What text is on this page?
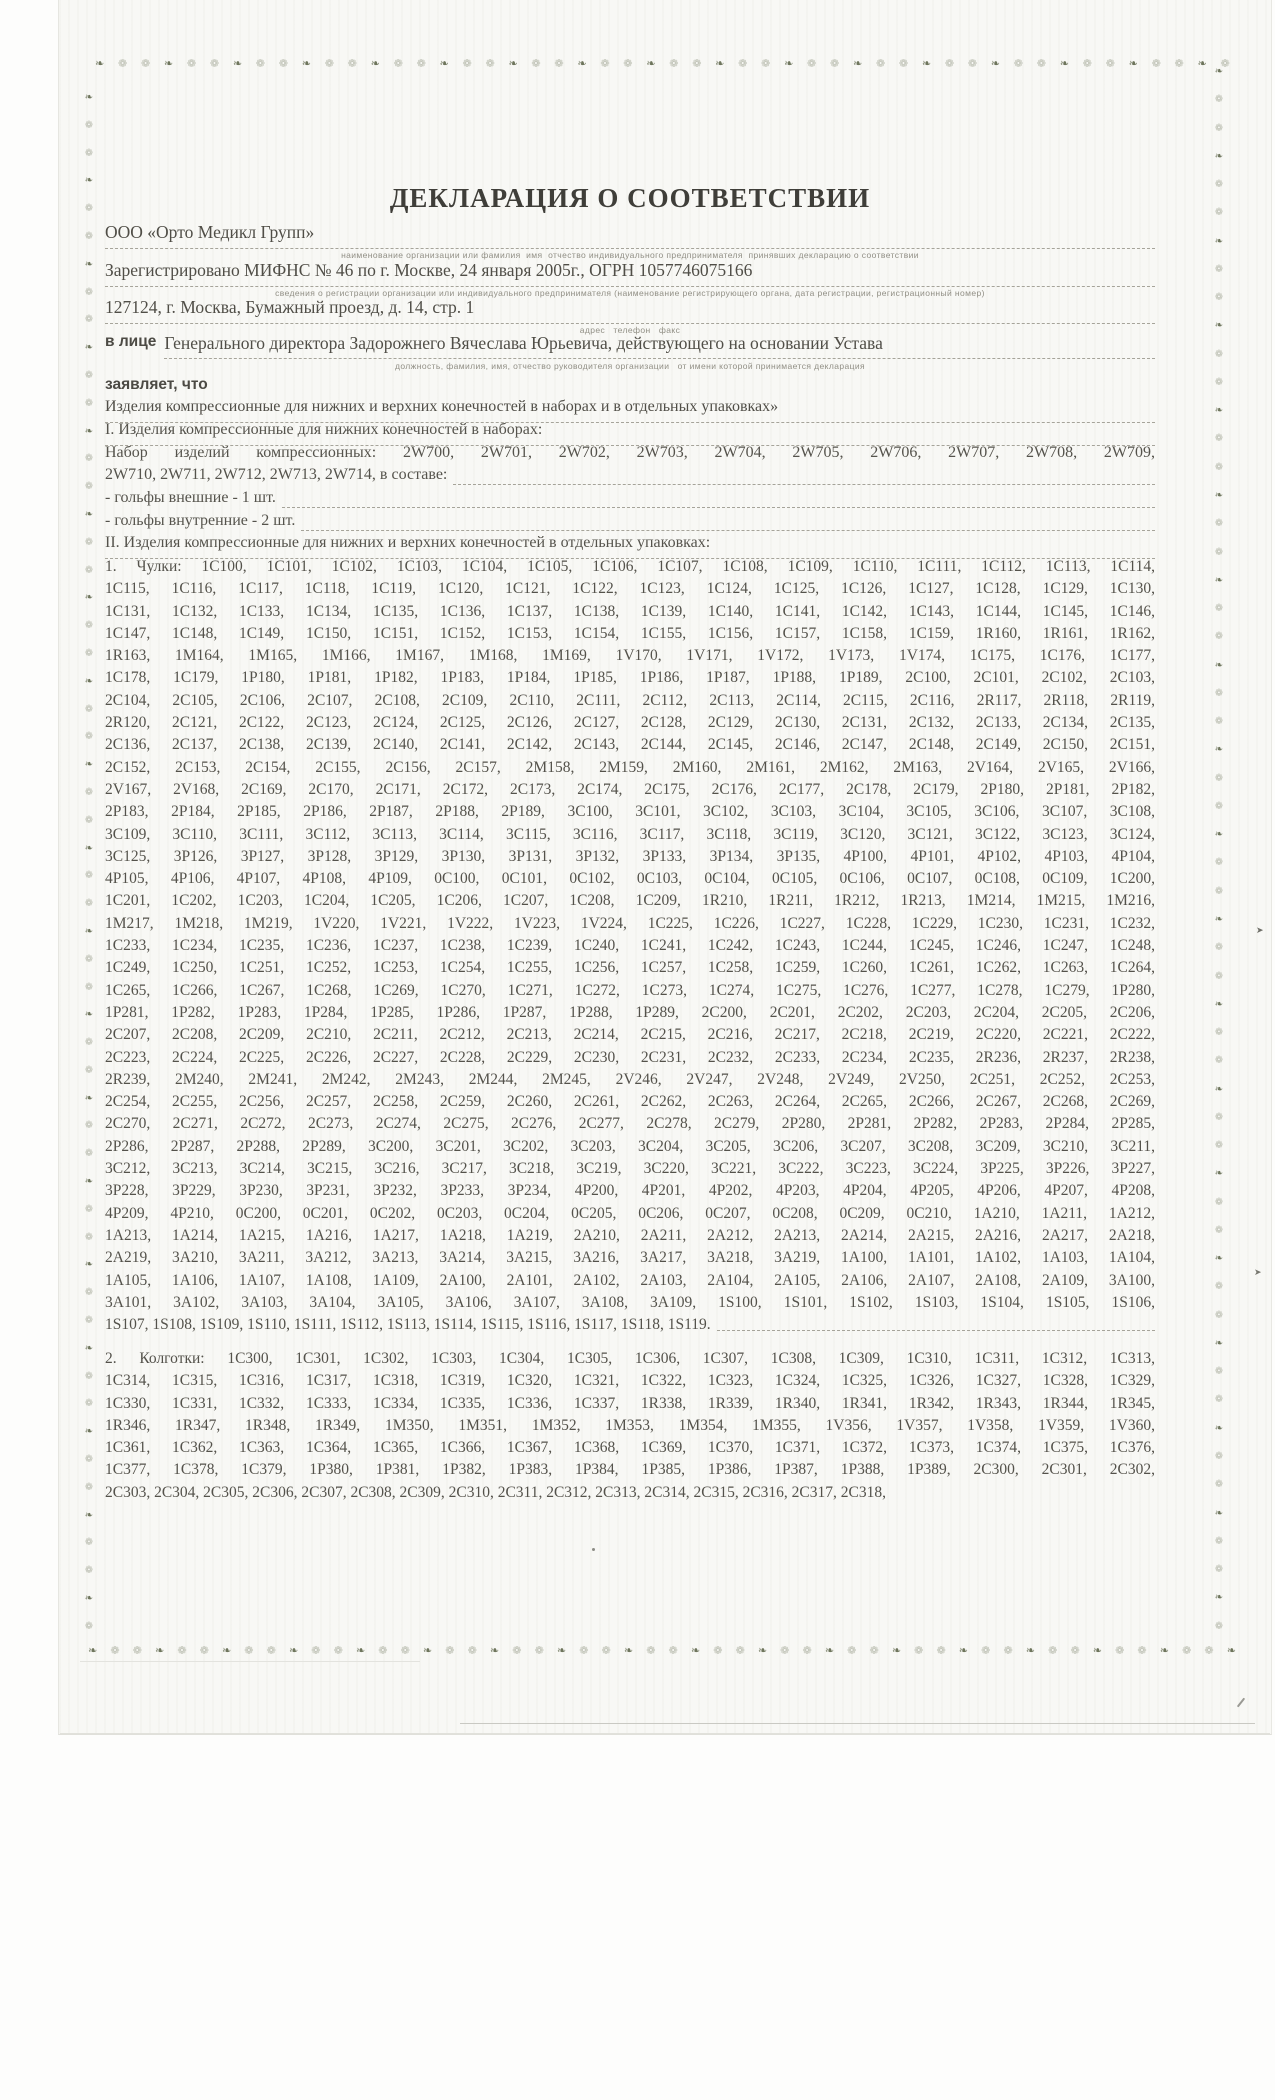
❧ ❁ ❁ ❧ ❁ ❁ ❧ ❁ ❁ ❧ ❁ ❁ ❧ ❁ ❁ ❧ ❁ ❁ ❧ ❁ ❁ ❧ ❁ ❁ ❧ ❁ ❁ ❧ ❁ ❁ ❧ ❁ ❁ ❧ ❁ ❁ ❧ ❁ ❁ ❧ ❁ ❁ ❧ ❁ ❁ ❧ ❁ ❁ ❧ ❁
❧ ❁ ❁ ❧ ❁ ❁ ❧ ❁ ❁ ❧ ❁ ❁ ❧ ❁ ❁ ❧ ❁ ❁ ❧ ❁ ❁ ❧ ❁ ❁ ❧ ❁ ❁ ❧ ❁ ❁ ❧ ❁ ❁ ❧ ❁ ❁ ❧ ❁ ❁ ❧ ❁ ❁ ❧ ❁ ❁ ❧ ❁ ❁ ❧ ❁ ❁ ❧
❧
❁
❁
❧
❁
❁
❧
❁
❁
❧
❁
❁
❧
❁
❁
❧
❁
❁
❧
❁
❁
❧
❁
❁
❧
❁
❁
❧
❁
❁
❧
❁
❁
❧
❁
❁
❧
❁
❁
❧
❁
❁
❧
❁
❁
❧
❁
❁
❧
❁
❁
❧
❁
❁
❧
❁
❧
❁
❁
❧
❁
❁
❧
❁
❁
❧
❁
❁
❧
❁
❁
❧
❁
❁
❧
❁
❁
❧
❁
❁
❧
❁
❁
❧
❁
❁
❧
❁
❁
❧
❁
❁
❧
❁
❁
❧
❁
❁
❧
❁
❁
❧
❁
❁
❧
❁
❁
❧
❁
❁
❧
❁
ДЕКЛАРАЦИЯ О СООТВЕТСТВИИ
ООО «Орто Медикл Групп»
наименование организации или фамилия  имя  отчество индивидуального предпринимателя  принявших декларацию о соответствии
Зарегистрировано МИФНС № 46 по г. Москве, 24 января 2005г., ОГРН 1057746075166
сведения о регистрации организации или индивидуального предпринимателя (наименование регистрирующего органа, дата регистрации, регистрационный номер)
127124, г. Москва, Бумажный проезд, д. 14, стр. 1
адрес   телефон   факс
в лице Генерального директора Задорожнего Вячеслава Юрьевича, действующего на основании Устава
должность, фамилия, имя, отчество руководителя организации   от имени которой принимается декларация
заявляет, что
Изделия компрессионные для нижних и верхних конечностей в наборах и в отдельных упаковках»
I. Изделия компрессионные для нижних конечностей в наборах:
Набор изделий компрессионных: 2W700, 2W701, 2W702, 2W703, 2W704, 2W705, 2W706, 2W707, 2W708, 2W709,
2W710, 2W711, 2W712, 2W713, 2W714, в составе:
- гольфы внешние - 1 шт.
- гольфы внутренние - 2 шт.
II. Изделия компрессионные для нижних и верхних конечностей в отдельных упаковках:
1. Чулки: 1C100, 1C101, 1C102, 1C103, 1C104, 1C105, 1C106, 1C107, 1C108, 1C109, 1C110, 1C111, 1C112, 1C113, 1C114,
1C115, 1C116, 1C117, 1C118, 1C119, 1C120, 1C121, 1C122, 1C123, 1C124, 1C125, 1C126, 1C127, 1C128, 1C129, 1C130,
1C131, 1C132, 1C133, 1C134, 1C135, 1C136, 1C137, 1C138, 1C139, 1C140, 1C141, 1C142, 1C143, 1C144, 1C145, 1C146,
1C147, 1C148, 1C149, 1C150, 1C151, 1C152, 1C153, 1C154, 1C155, 1C156, 1C157, 1C158, 1C159, 1R160, 1R161, 1R162,
1R163, 1M164, 1M165, 1M166, 1M167, 1M168, 1M169, 1V170, 1V171, 1V172, 1V173, 1V174, 1C175, 1C176, 1C177,
1C178, 1C179, 1P180, 1P181, 1P182, 1P183, 1P184, 1P185, 1P186, 1P187, 1P188, 1P189, 2C100, 2C101, 2C102, 2C103,
2C104, 2C105, 2C106, 2C107, 2C108, 2C109, 2C110, 2C111, 2C112, 2C113, 2C114, 2C115, 2C116, 2R117, 2R118, 2R119,
2R120, 2C121, 2C122, 2C123, 2C124, 2C125, 2C126, 2C127, 2C128, 2C129, 2C130, 2C131, 2C132, 2C133, 2C134, 2C135,
2C136, 2C137, 2C138, 2C139, 2C140, 2C141, 2C142, 2C143, 2C144, 2C145, 2C146, 2C147, 2C148, 2C149, 2C150, 2C151,
2C152, 2C153, 2C154, 2C155, 2C156, 2C157, 2M158, 2M159, 2M160, 2M161, 2M162, 2M163, 2V164, 2V165, 2V166,
2V167, 2V168, 2C169, 2C170, 2C171, 2C172, 2C173, 2C174, 2C175, 2C176, 2C177, 2C178, 2C179, 2P180, 2P181, 2P182,
2P183, 2P184, 2P185, 2P186, 2P187, 2P188, 2P189, 3C100, 3C101, 3C102, 3C103, 3C104, 3C105, 3C106, 3C107, 3C108,
3C109, 3C110, 3C111, 3C112, 3C113, 3C114, 3C115, 3C116, 3C117, 3C118, 3C119, 3C120, 3C121, 3C122, 3C123, 3C124,
3C125, 3P126, 3P127, 3P128, 3P129, 3P130, 3P131, 3P132, 3P133, 3P134, 3P135, 4P100, 4P101, 4P102, 4P103, 4P104,
4P105, 4P106, 4P107, 4P108, 4P109, 0C100, 0C101, 0C102, 0C103, 0C104, 0C105, 0C106, 0C107, 0C108, 0C109, 1C200,
1C201, 1C202, 1C203, 1C204, 1C205, 1C206, 1C207, 1C208, 1C209, 1R210, 1R211, 1R212, 1R213, 1M214, 1M215, 1M216,
1M217, 1M218, 1M219, 1V220, 1V221, 1V222, 1V223, 1V224, 1C225, 1C226, 1C227, 1C228, 1C229, 1C230, 1C231, 1C232,
1C233, 1C234, 1C235, 1C236, 1C237, 1C238, 1C239, 1C240, 1C241, 1C242, 1C243, 1C244, 1C245, 1C246, 1C247, 1C248,
1C249, 1C250, 1C251, 1C252, 1C253, 1C254, 1C255, 1C256, 1C257, 1C258, 1C259, 1C260, 1C261, 1C262, 1C263, 1C264,
1C265, 1C266, 1C267, 1C268, 1C269, 1C270, 1C271, 1C272, 1C273, 1C274, 1C275, 1C276, 1C277, 1C278, 1C279, 1P280,
1P281, 1P282, 1P283, 1P284, 1P285, 1P286, 1P287, 1P288, 1P289, 2C200, 2C201, 2C202, 2C203, 2C204, 2C205, 2C206,
2C207, 2C208, 2C209, 2C210, 2C211, 2C212, 2C213, 2C214, 2C215, 2C216, 2C217, 2C218, 2C219, 2C220, 2C221, 2C222,
2C223, 2C224, 2C225, 2C226, 2C227, 2C228, 2C229, 2C230, 2C231, 2C232, 2C233, 2C234, 2C235, 2R236, 2R237, 2R238,
2R239, 2M240, 2M241, 2M242, 2M243, 2M244, 2M245, 2V246, 2V247, 2V248, 2V249, 2V250, 2C251, 2C252, 2C253,
2C254, 2C255, 2C256, 2C257, 2C258, 2C259, 2C260, 2C261, 2C262, 2C263, 2C264, 2C265, 2C266, 2C267, 2C268, 2C269,
2C270, 2C271, 2C272, 2C273, 2C274, 2C275, 2C276, 2C277, 2C278, 2C279, 2P280, 2P281, 2P282, 2P283, 2P284, 2P285,
2P286, 2P287, 2P288, 2P289, 3C200, 3C201, 3C202, 3C203, 3C204, 3C205, 3C206, 3C207, 3C208, 3C209, 3C210, 3C211,
3C212, 3C213, 3C214, 3C215, 3C216, 3C217, 3C218, 3C219, 3C220, 3C221, 3C222, 3C223, 3C224, 3P225, 3P226, 3P227,
3P228, 3P229, 3P230, 3P231, 3P232, 3P233, 3P234, 4P200, 4P201, 4P202, 4P203, 4P204, 4P205, 4P206, 4P207, 4P208,
4P209, 4P210, 0C200, 0C201, 0C202, 0C203, 0C204, 0C205, 0C206, 0C207, 0C208, 0C209, 0C210, 1A210, 1A211, 1A212,
1A213, 1A214, 1A215, 1A216, 1A217, 1A218, 1A219, 2A210, 2A211, 2A212, 2A213, 2A214, 2A215, 2A216, 2A217, 2A218,
2A219, 3A210, 3A211, 3A212, 3A213, 3A214, 3A215, 3A216, 3A217, 3A218, 3A219, 1A100, 1A101, 1A102, 1A103, 1A104,
1A105, 1A106, 1A107, 1A108, 1A109, 2A100, 2A101, 2A102, 2A103, 2A104, 2A105, 2A106, 2A107, 2A108, 2A109, 3A100,
3A101, 3A102, 3A103, 3A104, 3A105, 3A106, 3A107, 3A108, 3A109, 1S100, 1S101, 1S102, 1S103, 1S104, 1S105, 1S106,
1S107, 1S108, 1S109, 1S110, 1S111, 1S112, 1S113, 1S114, 1S115, 1S116, 1S117, 1S118, 1S119.
2. Колготки: 1C300, 1C301, 1C302, 1C303, 1C304, 1C305, 1C306, 1C307, 1C308, 1C309, 1C310, 1C311, 1C312, 1C313,
1C314, 1C315, 1C316, 1C317, 1C318, 1C319, 1C320, 1C321, 1C322, 1C323, 1C324, 1C325, 1C326, 1C327, 1C328, 1C329,
1C330, 1C331, 1C332, 1C333, 1C334, 1C335, 1C336, 1C337, 1R338, 1R339, 1R340, 1R341, 1R342, 1R343, 1R344, 1R345,
1R346, 1R347, 1R348, 1R349, 1M350, 1M351, 1M352, 1M353, 1M354, 1M355, 1V356, 1V357, 1V358, 1V359, 1V360,
1C361, 1C362, 1C363, 1C364, 1C365, 1C366, 1C367, 1C368, 1C369, 1C370, 1C371, 1C372, 1C373, 1C374, 1C375, 1C376,
1C377, 1C378, 1C379, 1P380, 1P381, 1P382, 1P383, 1P384, 1P385, 1P386, 1P387, 1P388, 1P389, 2C300, 2C301, 2C302,
2C303, 2C304, 2C305, 2C306, 2C307, 2C308, 2C309, 2C310, 2C311, 2C312, 2C313, 2C314, 2C315, 2C316, 2C317, 2C318,
➤
➤
